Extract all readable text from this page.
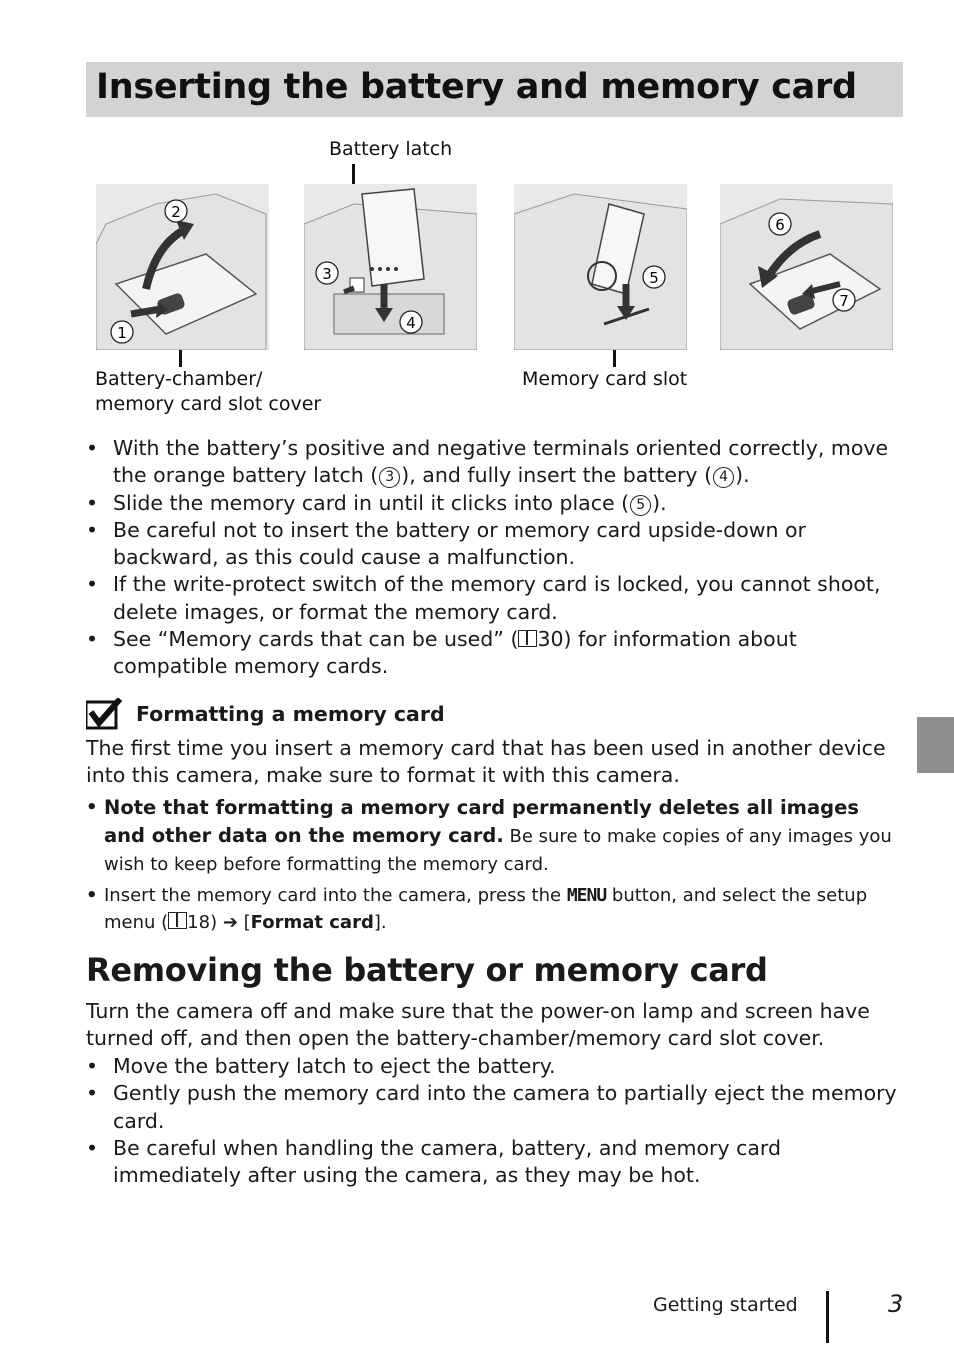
Inserting the battery and memory card
Battery latch
Battery-chamber/
memory card slot cover
Memory card slot
1
2
3
4
5
6
7
• With the battery’s positive and negative terminals oriented correctly, move the orange battery latch ( 3 ), and fully insert the battery ( 4 ).
• Slide the memory card in until it clicks into place ( 5 ).
• Be careful not to insert the battery or memory card upside-down or backward, as this could cause a malfunction.
• If the write-protect switch of the memory card is locked, you cannot shoot, delete images, or format the memory card.
• See “Memory cards that can be used” ( 30) for information about compatible memory cards.
Formatting a memory card

The first time you insert a memory card that has been used in another device into this camera, make sure to format it with this camera.

• Note that formatting a memory card permanently deletes all images and other data on the memory card. Be sure to make copies of any images you wish to keep before formatting the memory card.
• Insert the memory card into the camera, press the MENU button, and select the setup menu ( 18) ➔ [Format card].
Removing the battery or memory card

Turn the camera off and make sure that the power-on lamp and screen have turned off, and then open the battery-chamber/memory card slot cover.

• Move the battery latch to eject the battery.
• Gently push the memory card into the camera to partially eject the memory card.
• Be careful when handling the camera, battery, and memory card immediately after using the camera, as they may be hot.
Getting started	3
